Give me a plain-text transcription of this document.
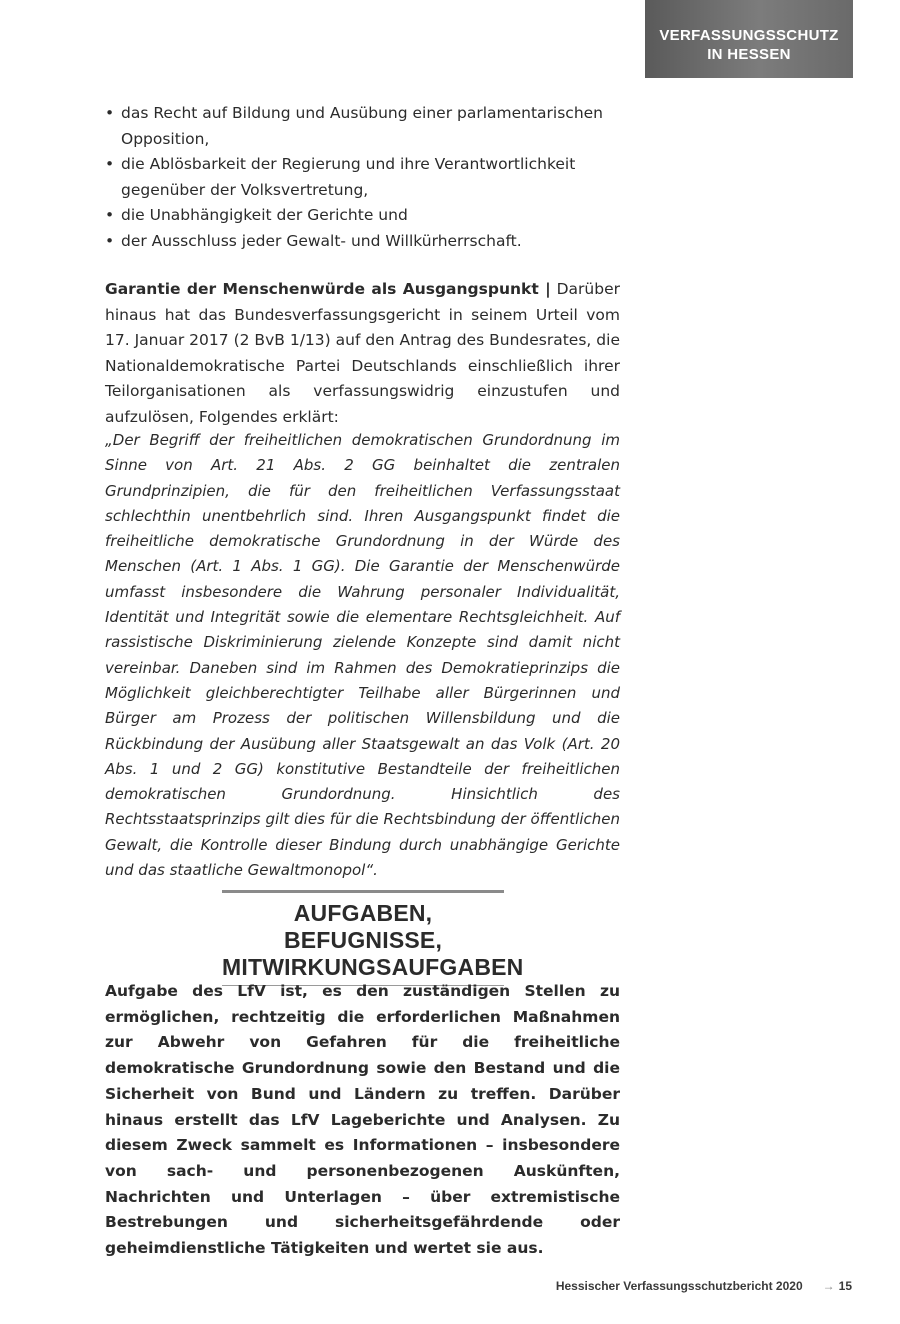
VERFASSUNGSSCHUTZ
IN HESSEN
• das Recht auf Bildung und Ausübung einer parlamentarischen Opposition,
• die Ablösbarkeit der Regierung und ihre Verantwortlichkeit gegenüber der Volksvertretung,
• die Unabhängigkeit der Gerichte und
• der Ausschluss jeder Gewalt- und Willkürherrschaft.

Garantie der Menschenwürde als Ausgangspunkt | Darüber hinaus hat das Bundesverfassungsgericht in seinem Urteil vom 17. Januar 2017 (2 BvB 1/13) auf den Antrag des Bundesrates, die Nationaldemokratische Partei Deutschlands einschließlich ihrer Teilorganisationen als verfassungswidrig einzustufen und aufzulösen, Folgendes erklärt:

„Der Begriff der freiheitlichen demokratischen Grundordnung im Sinne von Art. 21 Abs. 2 GG beinhaltet die zentralen Grundprinzipien, die für den freiheitlichen Verfassungsstaat schlechthin unentbehrlich sind. Ihren Ausgangspunkt findet die freiheitliche demokratische Grundordnung in der Würde des Menschen (Art. 1 Abs. 1 GG). Die Garantie der Menschenwürde umfasst insbesondere die Wahrung personaler Individualität, Identität und Integrität sowie die elementare Rechtsgleichheit. Auf rassistische Diskriminierung zielende Konzepte sind damit nicht vereinbar. Daneben sind im Rahmen des Demokratieprinzips die Möglichkeit gleichberechtigter Teilhabe aller Bürgerinnen und Bürger am Prozess der politischen Willensbildung und die Rückbindung der Ausübung aller Staatsgewalt an das Volk (Art. 20 Abs. 1 und 2 GG) konstitutive Bestandteile der freiheitlichen demokratischen Grundordnung. Hinsichtlich des Rechtsstaatsprinzips gilt dies für die Rechtsbindung der öffentlichen Gewalt, die Kontrolle dieser Bindung durch unabhängige Gerichte und das staatliche Gewaltmonopol“.

AUFGABEN, BEFUGNISSE,
MITWIRKUNGSAUFGABEN

Aufgabe des LfV ist, es den zuständigen Stellen zu ermöglichen, rechtzeitig die erforderlichen Maßnahmen zur Abwehr von Gefahren für die freiheitliche demokratische Grundordnung sowie den Bestand und die Sicherheit von Bund und Ländern zu treffen. Darüber hinaus erstellt das LfV Lageberichte und Analysen. Zu diesem Zweck sammelt es Informationen – insbesondere von sach- und personenbezogenen Auskünften, Nachrichten und Unterlagen – über extremistische Bestrebungen und sicherheitsgefährdende oder geheimdienstliche Tätigkeiten und wertet sie aus.

Hessischer Verfassungsschutzbericht 2020 → 15
